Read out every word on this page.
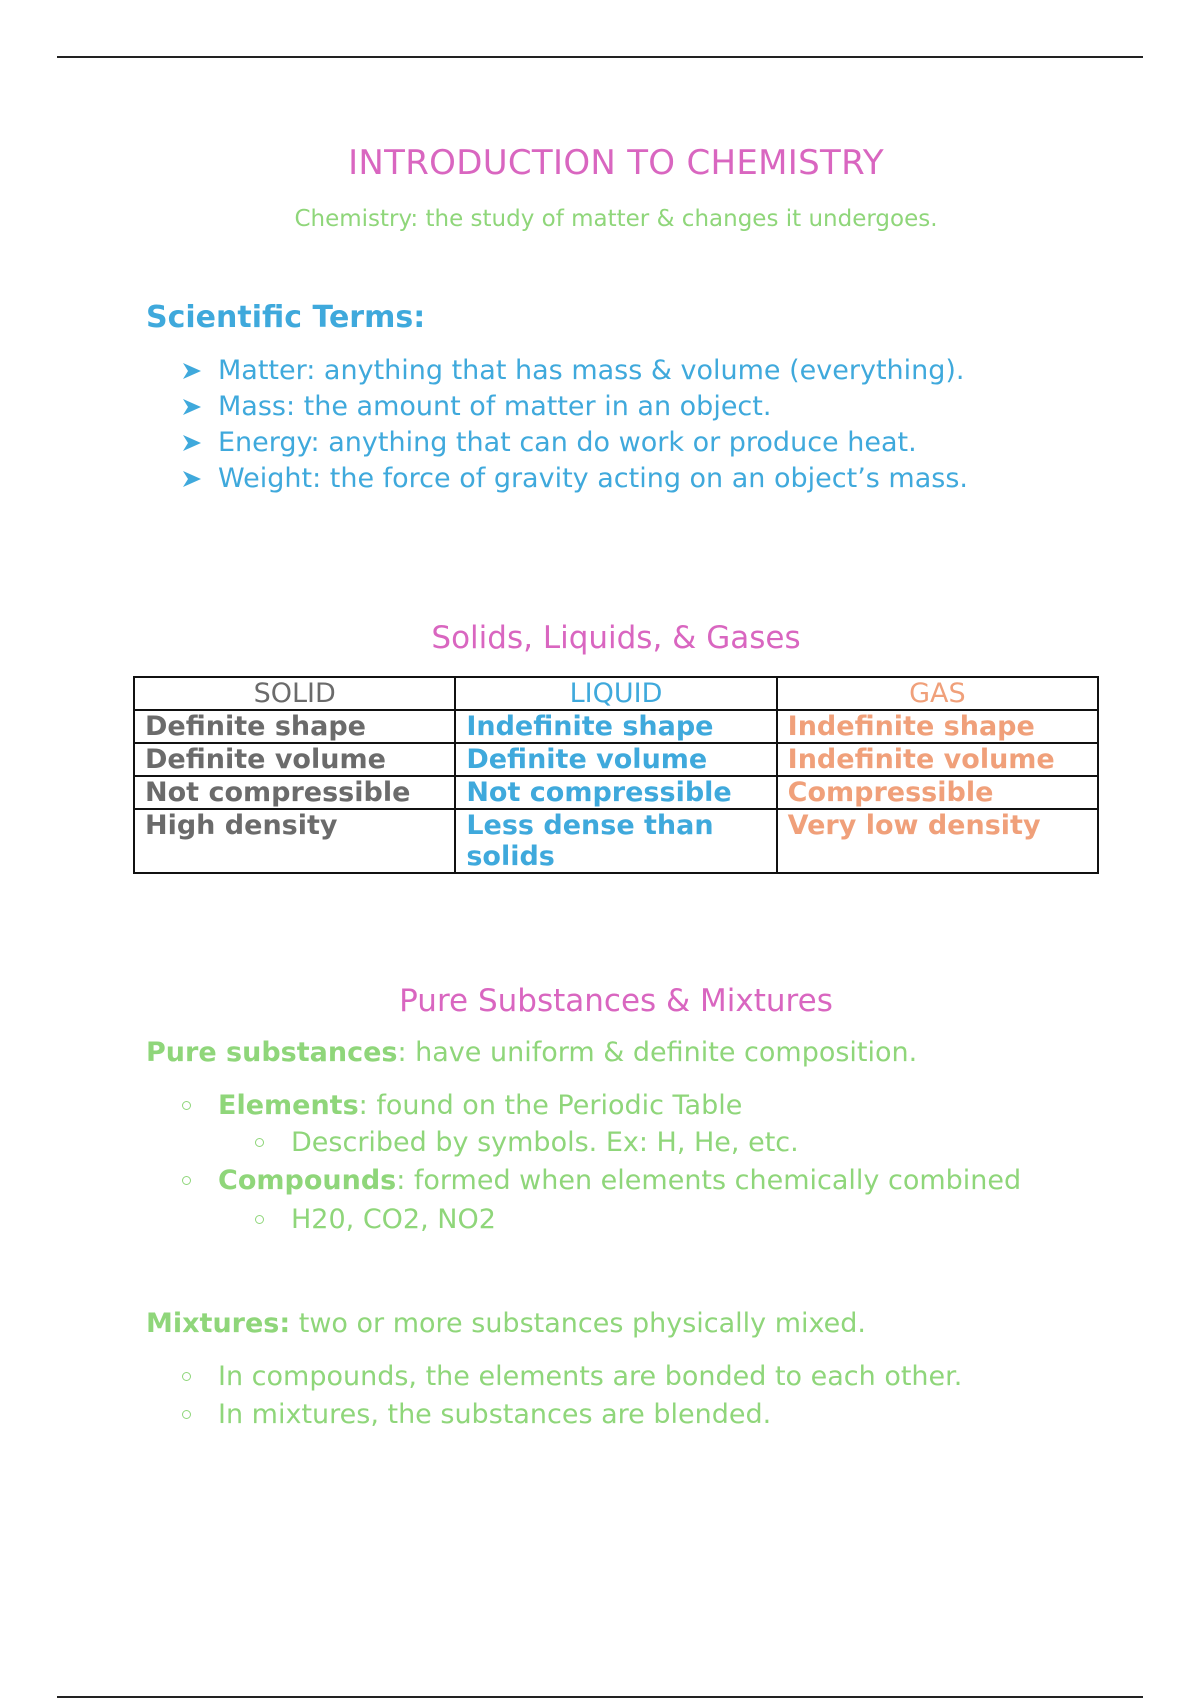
INTRODUCTION TO CHEMISTRY
Chemistry: the study of matter & changes it undergoes.
Scientific Terms:
Matter: anything that has mass & volume (everything).
Mass: the amount of matter in an object.
Energy: anything that can do work or produce heat.
Weight: the force of gravity acting on an object’s mass.
Solids, Liquids, & Gases
SOLID	LIQUID	GAS
Definite shape	Indefinite shape	Indefinite shape
Definite volume	Definite volume	Indefinite volume
Not compressible	Not compressible	Compressible
High density	Less dense than solids	Very low density
Pure Substances & Mixtures
Pure substances: have uniform & definite composition.
Elements: found on the Periodic Table
Described by symbols. Ex: H, He, etc.
Compounds: formed when elements chemically combined
H20, CO2, NO2
Mixtures: two or more substances physically mixed.
In compounds, the elements are bonded to each other.
In mixtures, the substances are blended.
